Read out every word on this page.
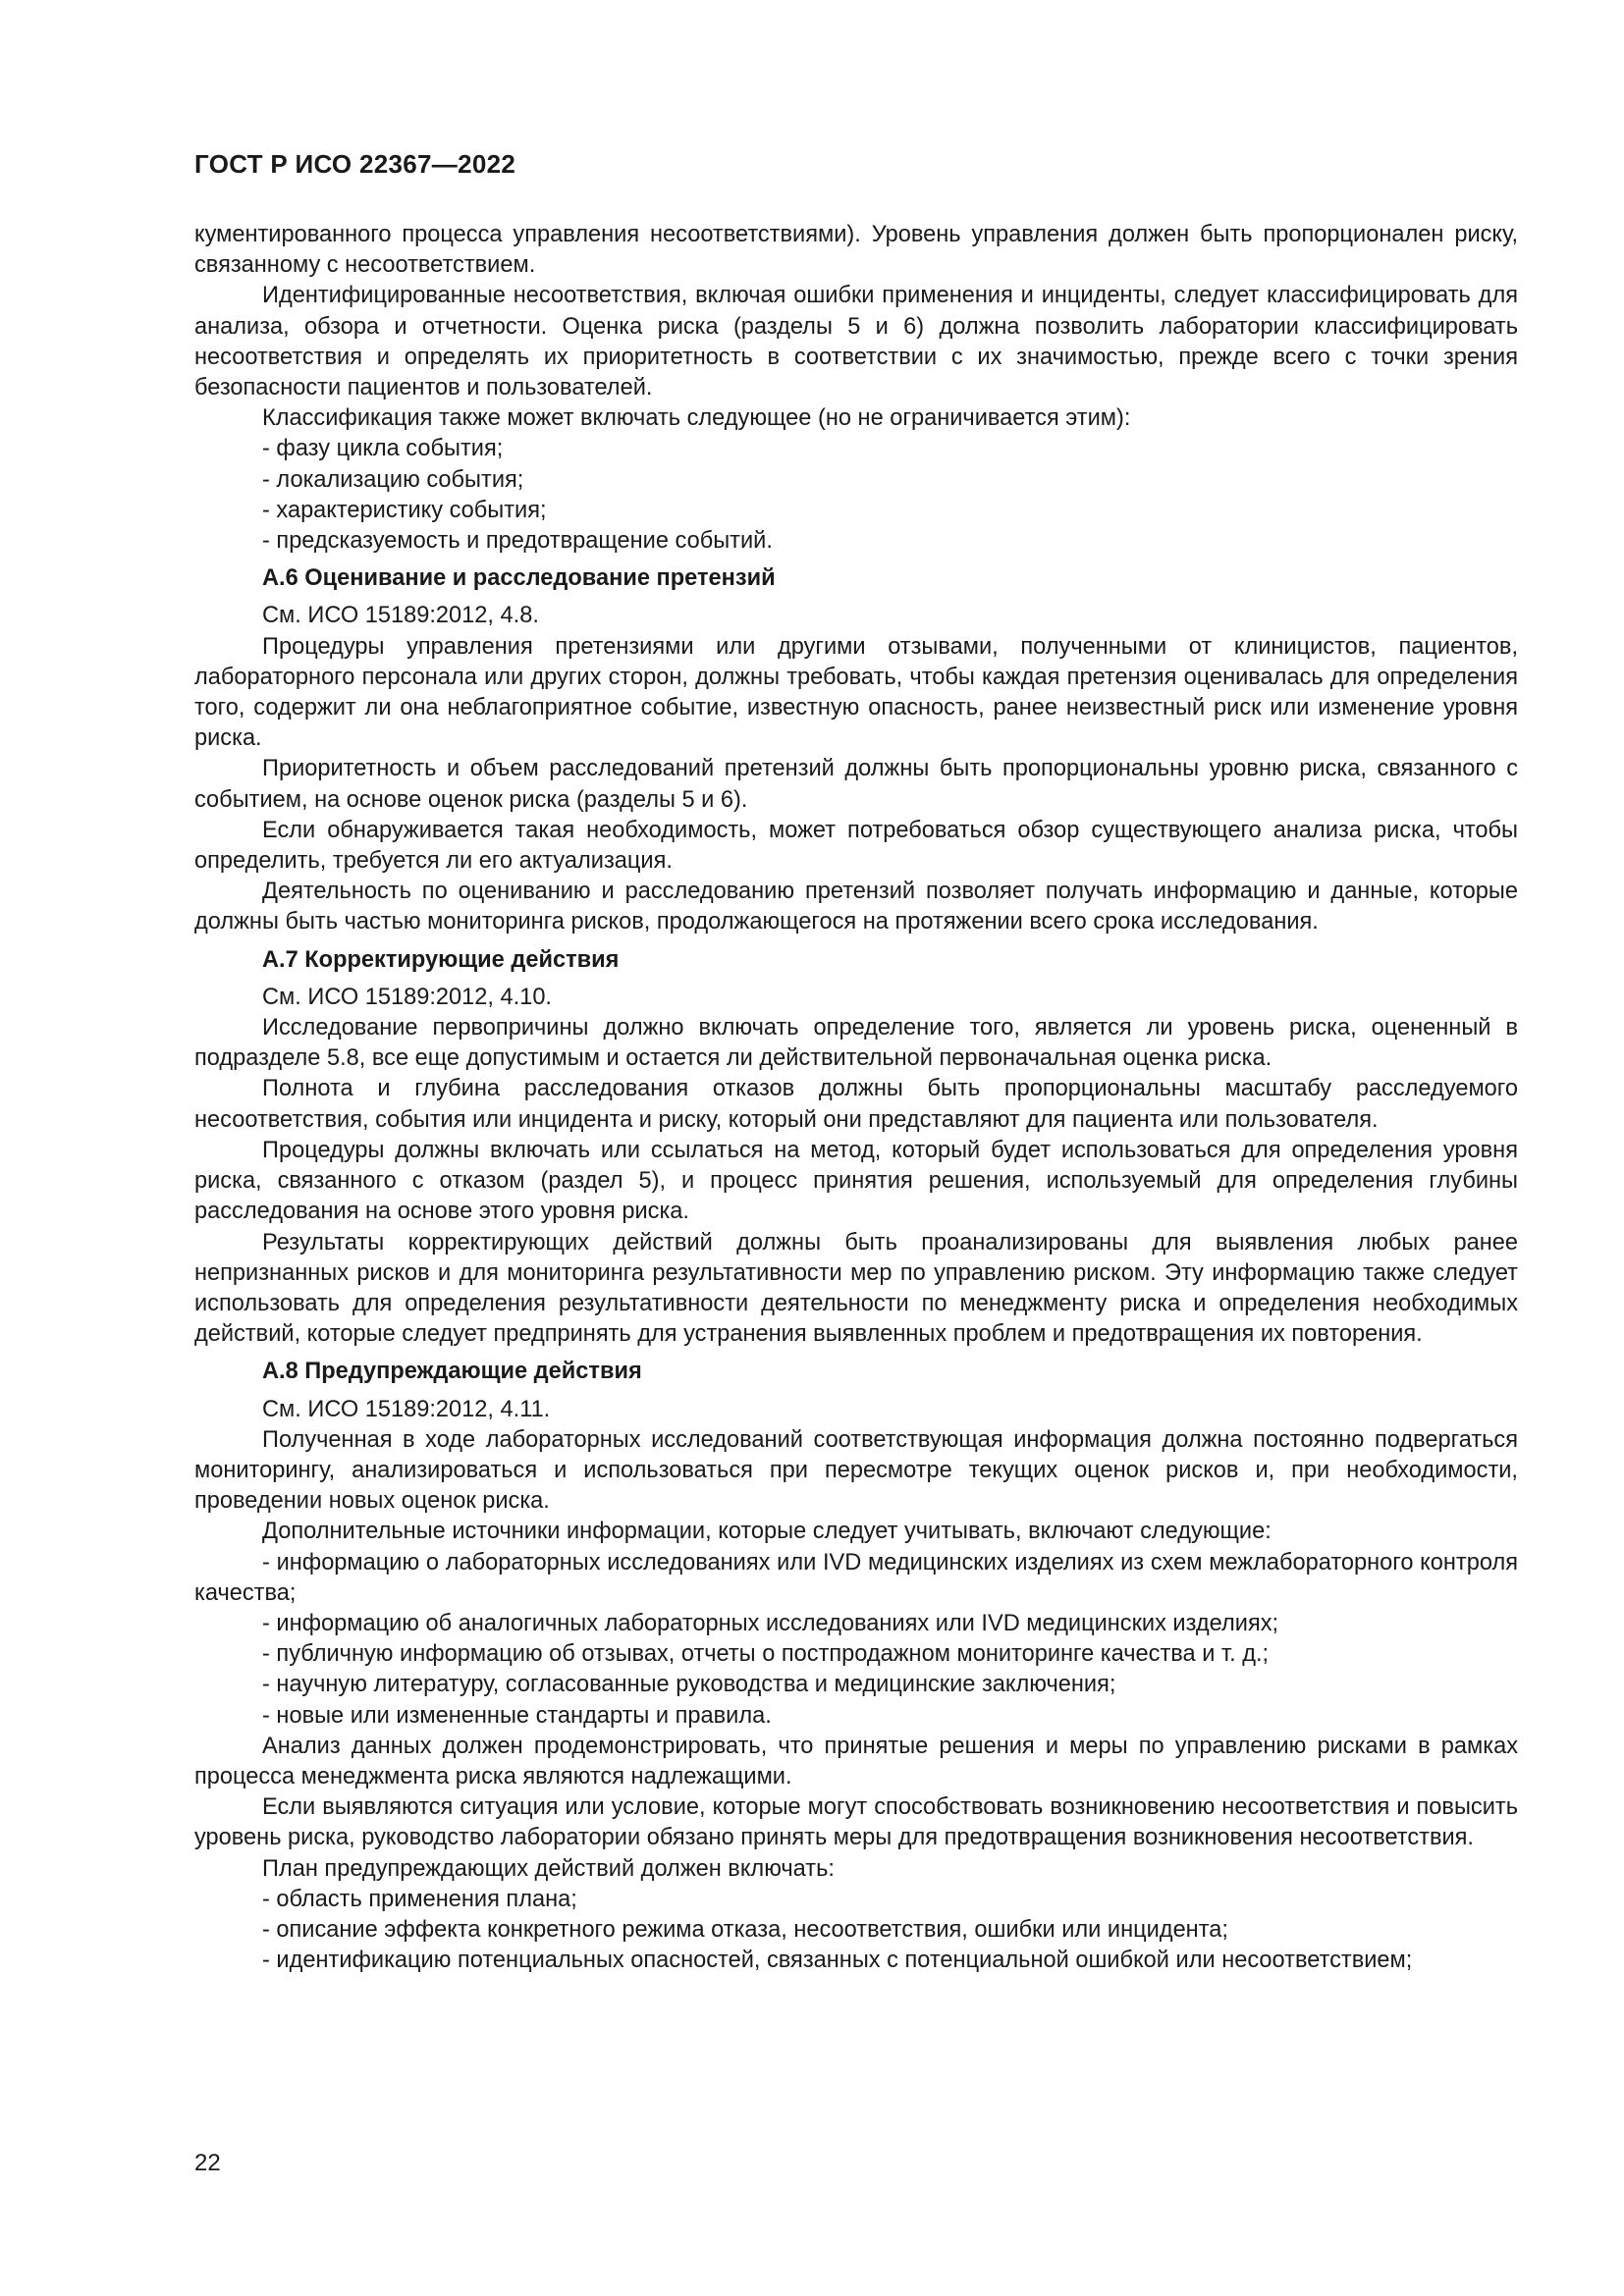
ГОСТ Р ИСО 22367—2022

кументированного процесса управления несоответствиями). Уровень управления должен быть пропорционален риску, связанному с несоответствием.

Идентифицированные несоответствия, включая ошибки применения и инциденты, следует классифицировать для анализа, обзора и отчетности. Оценка риска (разделы 5 и 6) должна позволить лаборатории классифицировать несоответствия и определять их приоритетность в соответствии с их значимостью, прежде всего с точки зрения безопасности пациентов и пользователей.

Классификация также может включать следующее (но не ограничивается этим):

- фазу цикла события;

- локализацию события;

- характеристику события;

- предсказуемость и предотвращение событий.

А.6 Оценивание и расследование претензий

См. ИСО 15189:2012, 4.8.

Процедуры управления претензиями или другими отзывами, полученными от клиницистов, пациентов, лабораторного персонала или других сторон, должны требовать, чтобы каждая претензия оценивалась для определения того, содержит ли она неблагоприятное событие, известную опасность, ранее неизвестный риск или изменение уровня риска.

Приоритетность и объем расследований претензий должны быть пропорциональны уровню риска, связанного с событием, на основе оценок риска (разделы 5 и 6).

Если обнаруживается такая необходимость, может потребоваться обзор существующего анализа риска, чтобы определить, требуется ли его актуализация.

Деятельность по оцениванию и расследованию претензий позволяет получать информацию и данные, которые должны быть частью мониторинга рисков, продолжающегося на протяжении всего срока исследования.

А.7 Корректирующие действия

См. ИСО 15189:2012, 4.10.

Исследование первопричины должно включать определение того, является ли уровень риска, оцененный в подразделе 5.8, все еще допустимым и остается ли действительной первоначальная оценка риска.

Полнота и глубина расследования отказов должны быть пропорциональны масштабу расследуемого несоответствия, события или инцидента и риску, который они представляют для пациента или пользователя.

Процедуры должны включать или ссылаться на метод, который будет использоваться для определения уровня риска, связанного с отказом (раздел 5), и процесс принятия решения, используемый для определения глубины расследования на основе этого уровня риска.

Результаты корректирующих действий должны быть проанализированы для выявления любых ранее непризнанных рисков и для мониторинга результативности мер по управлению риском. Эту информацию также следует использовать для определения результативности деятельности по менеджменту риска и определения необходимых действий, которые следует предпринять для устранения выявленных проблем и предотвращения их повторения.

А.8 Предупреждающие действия

См. ИСО 15189:2012, 4.11.

Полученная в ходе лабораторных исследований соответствующая информация должна постоянно подвергаться мониторингу, анализироваться и использоваться при пересмотре текущих оценок рисков и, при необходимости, проведении новых оценок риска.

Дополнительные источники информации, которые следует учитывать, включают следующие:

- информацию о лабораторных исследованиях или IVD медицинских изделиях из схем межлабораторного контроля качества;

- информацию об аналогичных лабораторных исследованиях или IVD медицинских изделиях;

- публичную информацию об отзывах, отчеты о постпродажном мониторинге качества и т. д.;

- научную литературу, согласованные руководства и медицинские заключения;

- новые или измененные стандарты и правила.

Анализ данных должен продемонстрировать, что принятые решения и меры по управлению рисками в рамках процесса менеджмента риска являются надлежащими.

Если выявляются ситуация или условие, которые могут способствовать возникновению несоответствия и повысить уровень риска, руководство лаборатории обязано принять меры для предотвращения возникновения несоответствия.

План предупреждающих действий должен включать:

- область применения плана;

- описание эффекта конкретного режима отказа, несоответствия, ошибки или инцидента;

- идентификацию потенциальных опасностей, связанных с потенциальной ошибкой или несоответствием;

22
